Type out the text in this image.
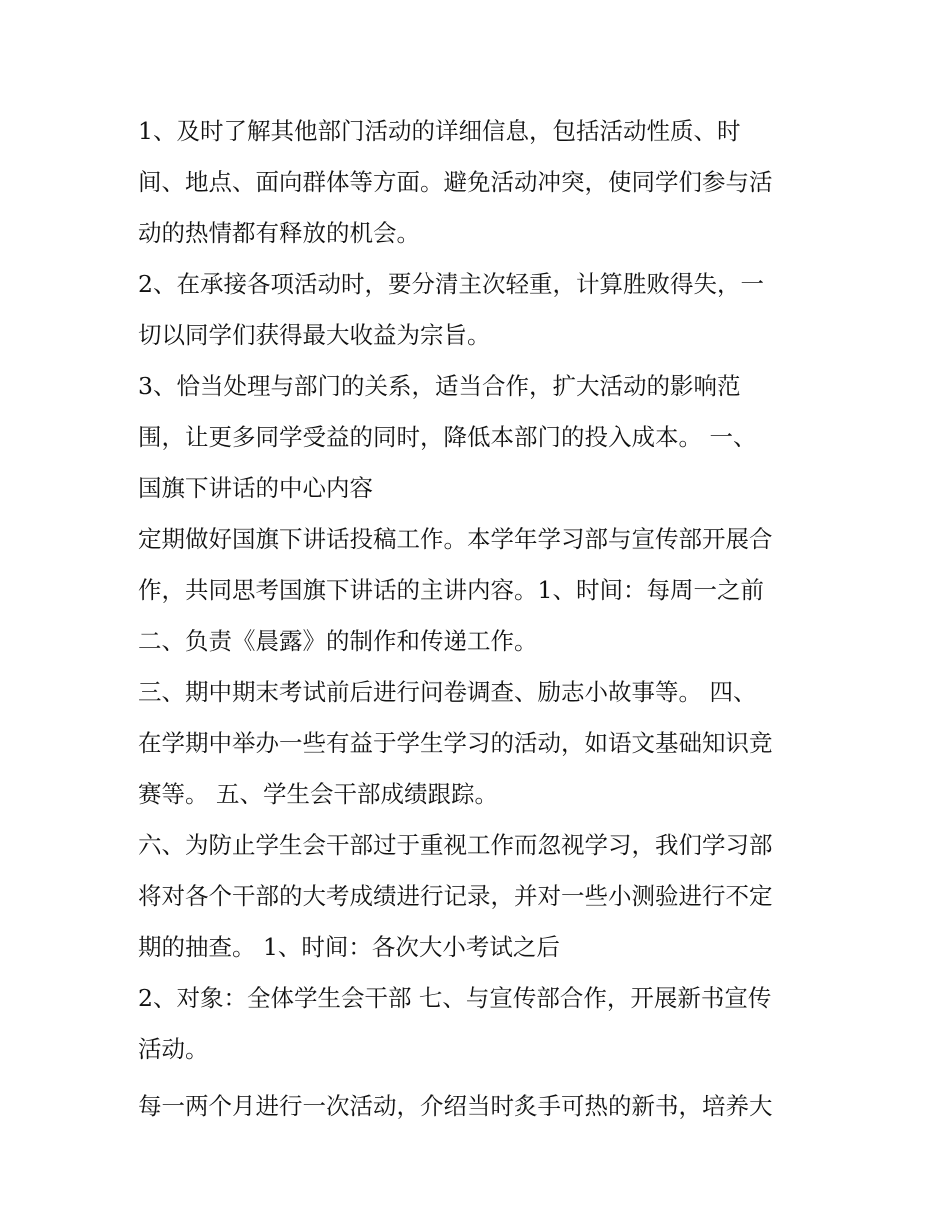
1、及时了解其他部门活动的详细信息，包括活动性质、时
间、地点、面向群体等方面。避免活动冲突，使同学们参与活
动的热情都有释放的机会。
2、在承接各项活动时，要分清主次轻重，计算胜败得失，一
切以同学们获得最大收益为宗旨。
3、恰当处理与部门的关系，适当合作，扩大活动的影响范
围，让更多同学受益的同时，降低本部门的投入成本。 一、
国旗下讲话的中心内容
定期做好国旗下讲话投稿工作。本学年学习部与宣传部开展合
作，共同思考国旗下讲话的主讲内容。1、时间：每周一之前
二、负责《晨露》的制作和传递工作。
三、期中期末考试前后进行问卷调查、励志小故事等。 四、
在学期中举办一些有益于学生学习的活动，如语文基础知识竞
赛等。 五、学生会干部成绩跟踪。
六、为防止学生会干部过于重视工作而忽视学习，我们学习部
将对各个干部的大考成绩进行记录，并对一些小测验进行不定
期的抽查。 1、时间：各次大小考试之后
2、对象：全体学生会干部 七、与宣传部合作，开展新书宣传
活动。
每一两个月进行一次活动，介绍当时炙手可热的新书，培养大
